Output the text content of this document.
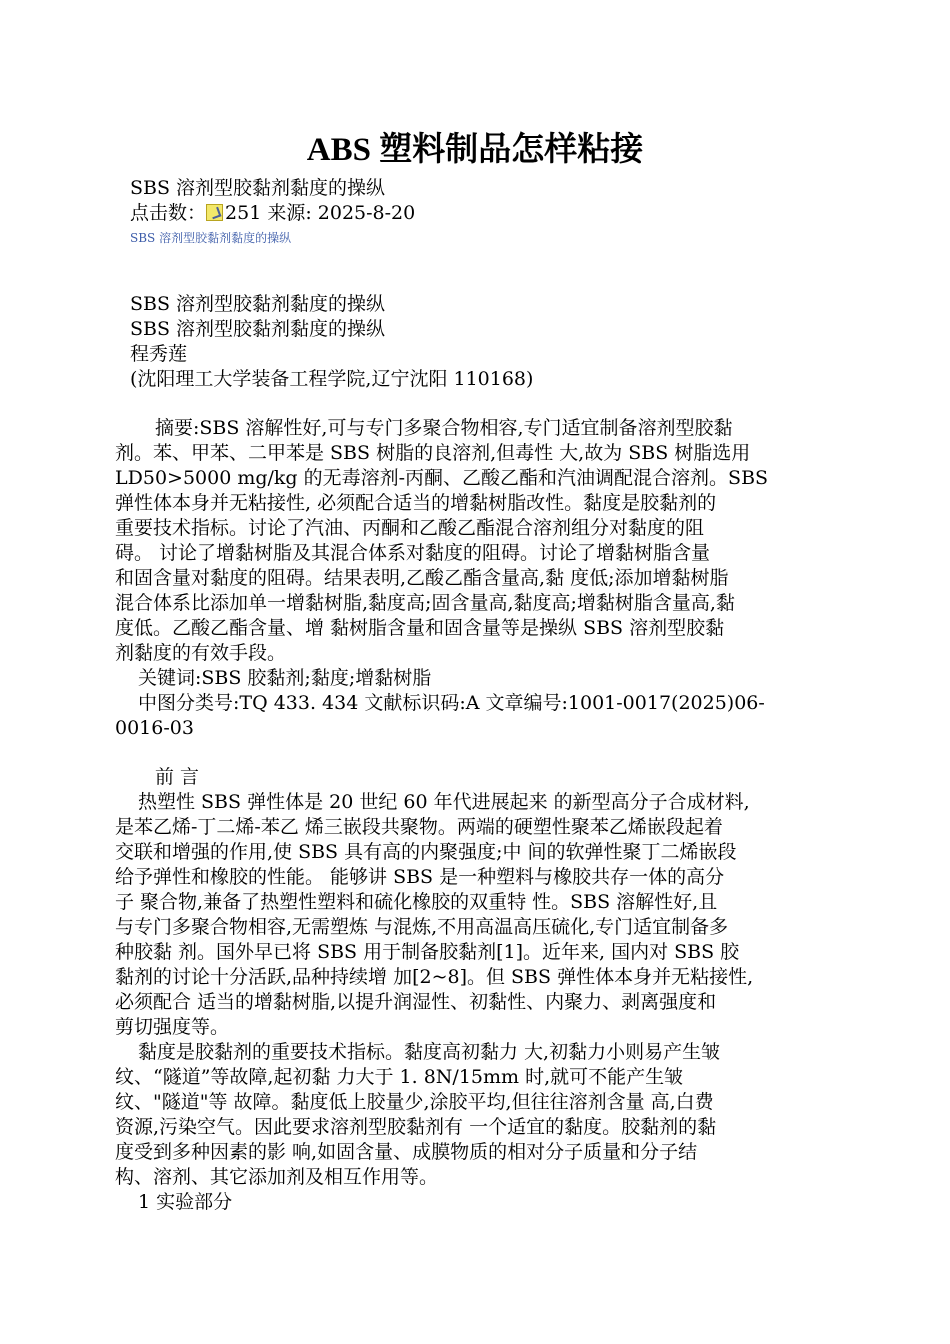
ABS 塑料制品怎样粘接
SBS 溶剂型胶黏剂黏度的操纵
点击数： 251 来源: 2025-8-20
SBS 溶剂型胶黏剂黏度的操纵
SBS 溶剂型胶黏剂黏度的操纵
SBS 溶剂型胶黏剂黏度的操纵
程秀莲
(沈阳理工大学装备工程学院,辽宁沈阳 110168)
摘要:SBS 溶解性好,可与专门多聚合物相容,专门适宜制备溶剂型胶黏
剂。苯、甲苯、二甲苯是 SBS 树脂的良溶剂,但毒性 大,故为 SBS 树脂选用
LD50>5000 mg/kg 的无毒溶剂-丙酮、乙酸乙酯和汽油调配混合溶剂。SBS
弹性体本身并无粘接性, 必须配合适当的增黏树脂改性。黏度是胶黏剂的
重要技术指标。讨论了汽油、丙酮和乙酸乙酯混合溶剂组分对黏度的阻
碍。 讨论了增黏树脂及其混合体系对黏度的阻碍。讨论了增黏树脂含量
和固含量对黏度的阻碍。结果表明,乙酸乙酯含量高,黏 度低;添加增黏树脂
混合体系比添加单一增黏树脂,黏度高;固含量高,黏度高;增黏树脂含量高,黏
度低。乙酸乙酯含量、增 黏树脂含量和固含量等是操纵 SBS 溶剂型胶黏
剂黏度的有效手段。
关键词:SBS 胶黏剂;黏度;增黏树脂
中图分类号:TQ 433. 434 文献标识码:A 文章编号:1001-0017(2025)06-
0016-03
前 言
热塑性 SBS 弹性体是 20 世纪 60 年代进展起来 的新型高分子合成材料,
是苯乙烯-丁二烯-苯乙 烯三嵌段共聚物。两端的硬塑性聚苯乙烯嵌段起着
交联和增强的作用,使 SBS 具有高的内聚强度;中 间的软弹性聚丁二烯嵌段
给予弹性和橡胶的性能。 能够讲 SBS 是一种塑料与橡胶共存一体的高分
子 聚合物,兼备了热塑性塑料和硫化橡胶的双重特 性。SBS 溶解性好,且
与专门多聚合物相容,无需塑炼 与混炼,不用高温高压硫化,专门适宜制备多
种胶黏 剂。国外早已将 SBS 用于制备胶黏剂[1]。近年来, 国内对 SBS 胶
黏剂的讨论十分活跃,品种持续增 加[2~8]。但 SBS 弹性体本身并无粘接性,
必须配合 适当的增黏树脂,以提升润湿性、初黏性、内聚力、剥离强度和
剪切强度等。
黏度是胶黏剂的重要技术指标。黏度高初黏力 大,初黏力小则易产生皱
纹、“隧道”等故障,起初黏 力大于 1. 8N/15mm 时,就可不能产生皱
纹、"隧道"等 故障。黏度低上胶量少,涂胶平均,但往往溶剂含量 高,白费
资源,污染空气。因此要求溶剂型胶黏剂有 一个适宜的黏度。胶黏剂的黏
度受到多种因素的影 响,如固含量、成膜物质的相对分子质量和分子结
构、溶剂、其它添加剂及相互作用等。
1 实验部分
